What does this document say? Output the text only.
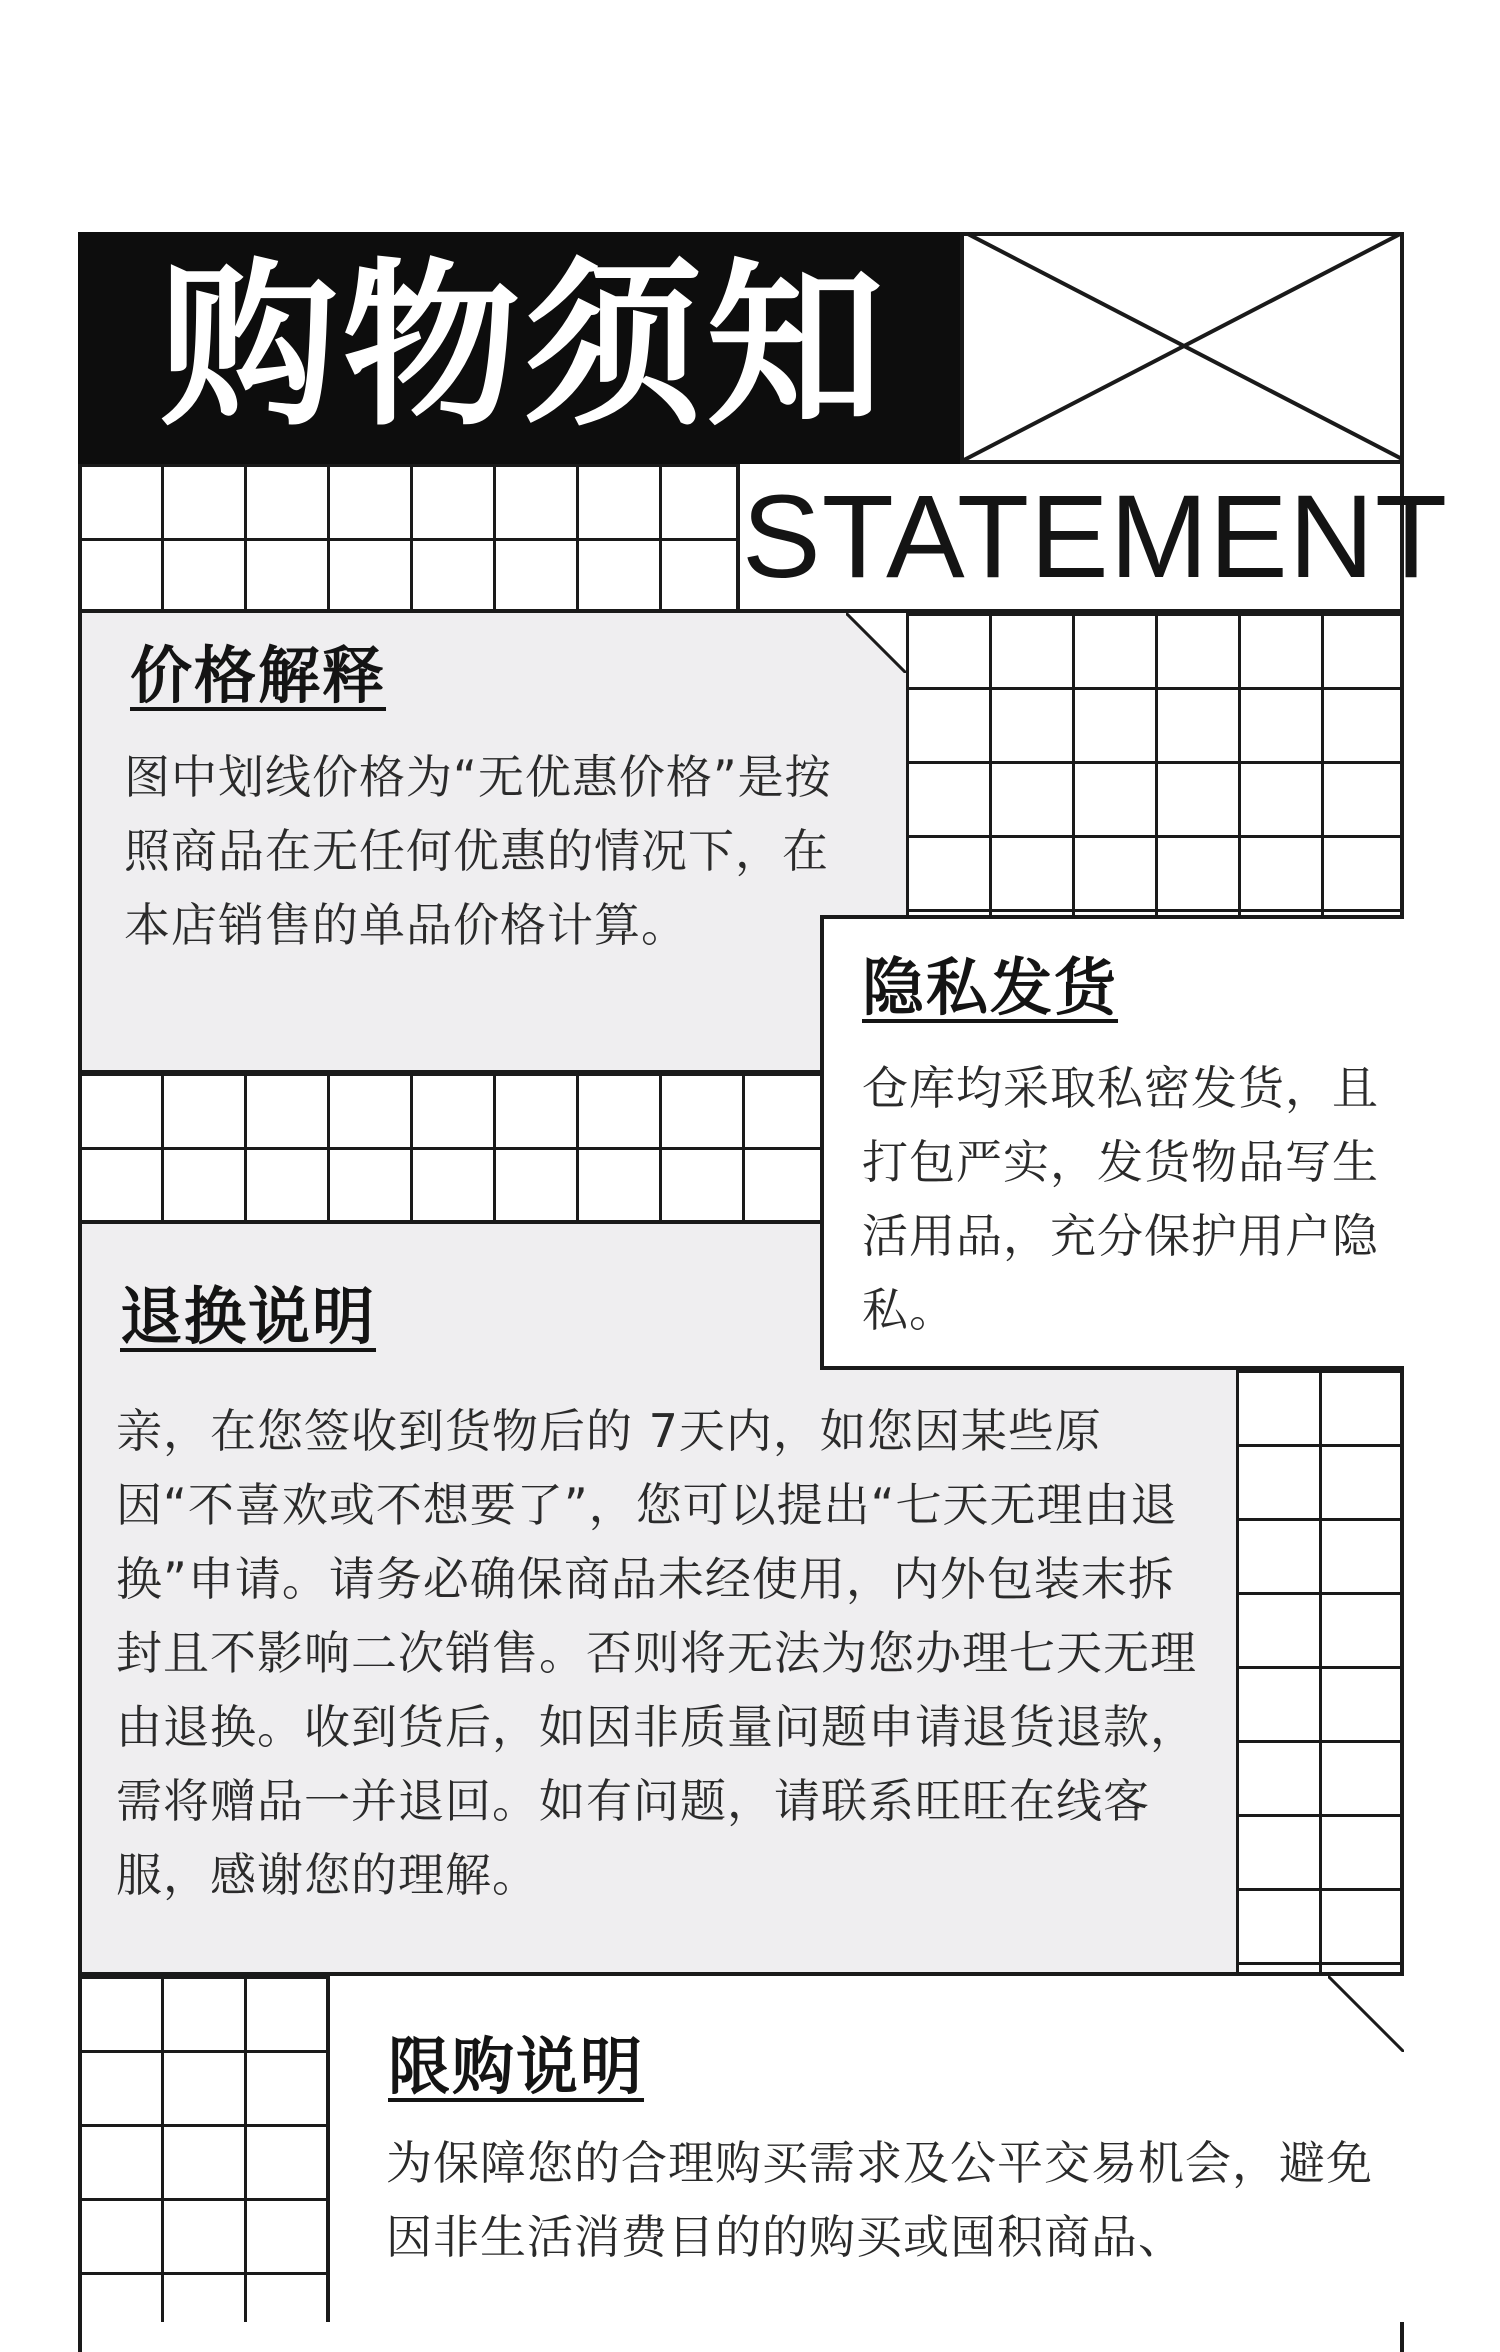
购物须知
STATEMENT
价格解释
图中划线价格为“无优惠价格”是按照商品在无任何优惠的情况下，在本店销售的单品价格计算。
隐私发货
仓库均采取私密发货，且打包严实，发货物品写生活用品，充分保护用户隐私。
退换说明
亲，在您签收到货物后的 7天内，如您因某些原因“不喜欢或不想要了”，您可以提出“七天无理由退换”申请。请务必确保商品未经使用，内外包装末拆封且不影响二次销售。否则将无法为您办理七天无理由退换。收到货后，如因非质量问题申请退货退款，需将赠品一并退回。如有问题，请联系旺旺在线客服，感谢您的理解。
限购说明
为保障您的合理购买需求及公平交易机会，避免因非生活消费目的的购买或囤积商品、
